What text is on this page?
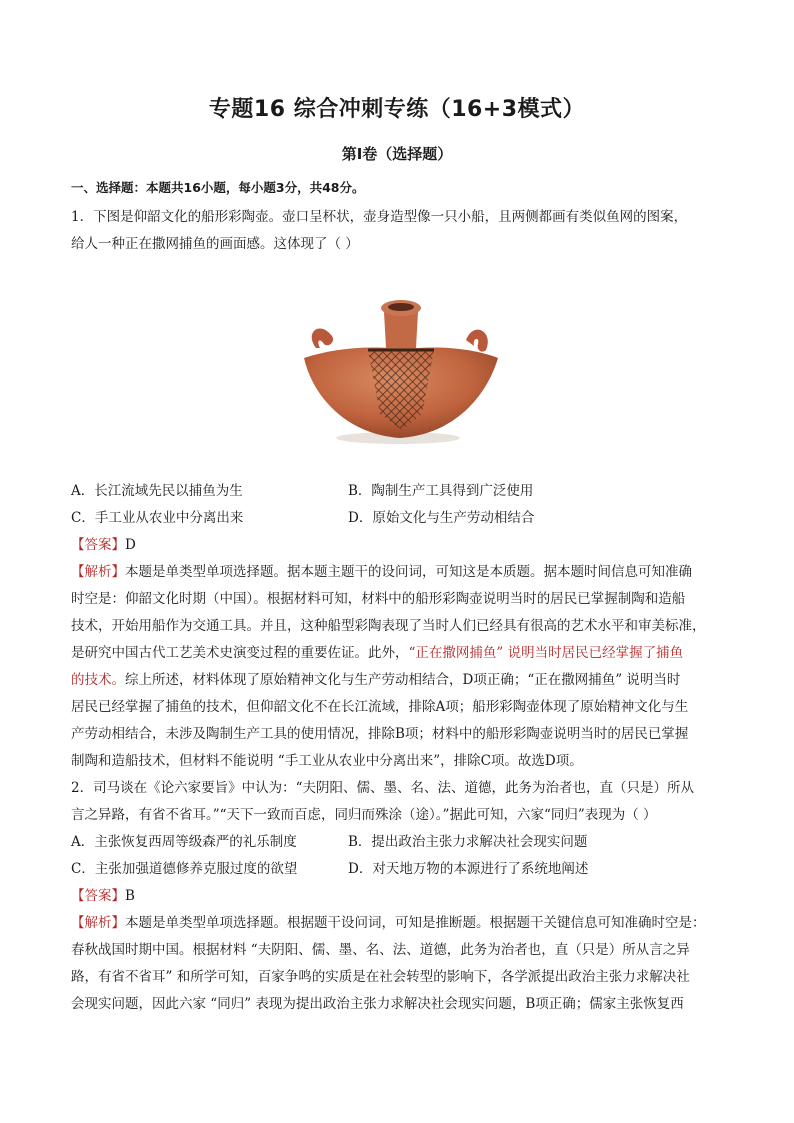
专题16 综合冲刺专练（16+3模式）
第Ⅰ卷（选择题）
一、选择题：本题共16小题，每小题3分，共48分。
1．下图是仰韶文化的船形彩陶壶。壶口呈杯状，壶身造型像一只小船，且两侧都画有类似鱼网的图案，
给人一种正在撒网捕鱼的画面感。这体现了（ ）
A．长江流域先民以捕鱼为生	B．陶制生产工具得到广泛使用
C．手工业从农业中分离出来	D．原始文化与生产劳动相结合
【答案】D
【解析】本题是单类型单项选择题。据本题主题干的设问词，可知这是本质题。据本题时间信息可知准确
时空是：仰韶文化时期（中国）。根据材料可知，材料中的船形彩陶壶说明当时的居民已掌握制陶和造船
技术，开始用船作为交通工具。并且，这种船型彩陶表现了当时人们已经具有很高的艺术水平和审美标准，
是研究中国古代工艺美术史演变过程的重要佐证。此外，“正在撒网捕鱼” 说明当时居民已经掌握了捕鱼
的技术。综上所述，材料体现了原始精神文化与生产劳动相结合，D项正确；“正在撒网捕鱼” 说明当时
居民已经掌握了捕鱼的技术，但仰韶文化不在长江流域，排除A项；船形彩陶壶体现了原始精神文化与生
产劳动相结合，未涉及陶制生产工具的使用情况，排除B项；材料中的船形彩陶壶说明当时的居民已掌握
制陶和造船技术，但材料不能说明 “手工业从农业中分离出来”，排除C项。故选D项。
2．司马谈在《论六家要旨》中认为：“夫阴阳、儒、墨、名、法、道德，此务为治者也，直（只是）所从
言之异路，有省不省耳。”“天下一致而百虑，同归而殊涂（途）。”据此可知，六家“同归”表现为（ ）
A．主张恢复西周等级森严的礼乐制度	B．提出政治主张力求解决社会现实问题
C．主张加强道德修养克服过度的欲望	D．对天地万物的本源进行了系统地阐述
【答案】B
【解析】本题是单类型单项选择题。根据题干设问词，可知是推断题。根据题干关键信息可知准确时空是：
春秋战国时期中国。根据材料 “夫阴阳、儒、墨、名、法、道德，此务为治者也，直（只是）所从言之异
路，有省不省耳” 和所学可知，百家争鸣的实质是在社会转型的影响下，各学派提出政治主张力求解决社
会现实问题，因此六家 “同归” 表现为提出政治主张力求解决社会现实问题，B项正确；儒家主张恢复西
